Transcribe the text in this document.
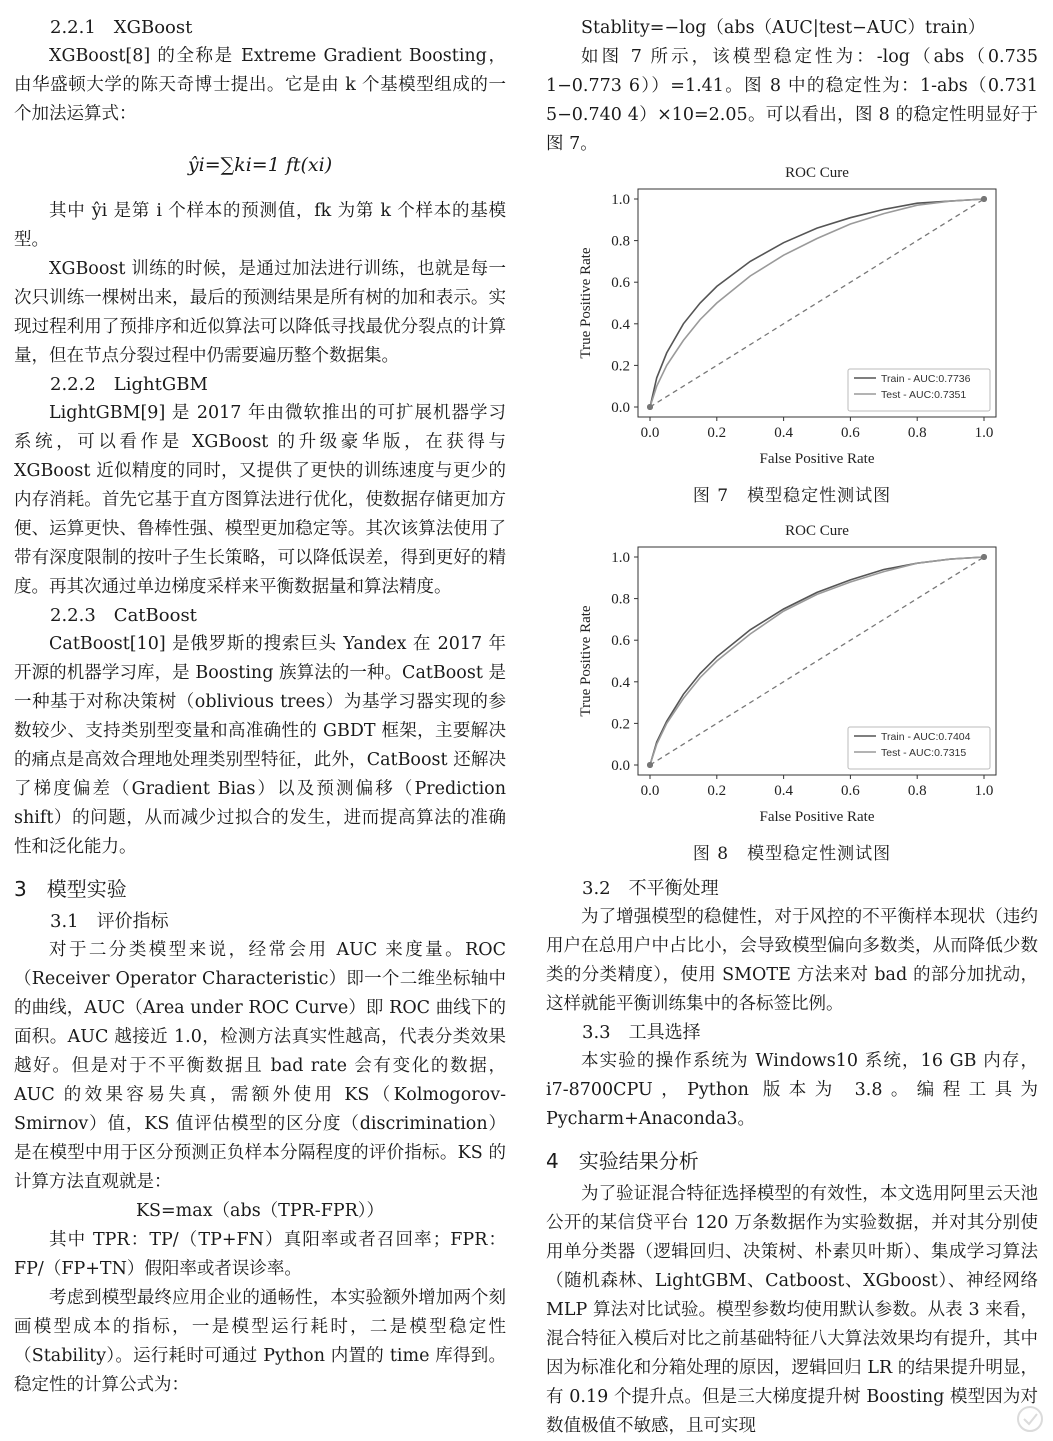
2.2.1　XGBoost

XGBoost[8] 的全称是 Extreme Gradient Boosting，由华盛顿大学的陈天奇博士提出。它是由 k 个基模型组成的一个加法运算式：

ŷi=∑ki=1 ft(xi)

其中 ŷi 是第 i 个样本的预测值，fk 为第 k 个样本的基模型。

XGBoost 训练的时候，是通过加法进行训练，也就是每一次只训练一棵树出来，最后的预测结果是所有树的加和表示。实现过程利用了预排序和近似算法可以降低寻找最优分裂点的计算量，但在节点分裂过程中仍需要遍历整个数据集。

2.2.2　LightGBM

LightGBM[9] 是 2017 年由微软推出的可扩展机器学习系统，可以看作是 XGBoost 的升级豪华版，在获得与 XGBoost 近似精度的同时，又提供了更快的训练速度与更少的内存消耗。首先它基于直方图算法进行优化，使数据存储更加方便、运算更快、鲁棒性强、模型更加稳定等。其次该算法使用了带有深度限制的按叶子生长策略，可以降低误差，得到更好的精度。再其次通过单边梯度采样来平衡数据量和算法精度。

2.2.3　CatBoost

CatBoost[10] 是俄罗斯的搜索巨头 Yandex 在 2017 年开源的机器学习库，是 Boosting 族算法的一种。CatBoost 是一种基于对称决策树（oblivious trees）为基学习器实现的参数较少、支持类别型变量和高准确性的 GBDT 框架，主要解决的痛点是高效合理地处理类别型特征，此外，CatBoost 还解决了梯度偏差（Gradient Bias）以及预测偏移（Prediction shift）的问题，从而减少过拟合的发生，进而提高算法的准确性和泛化能力。

3　模型实验

3.1　评价指标

对于二分类模型来说，经常会用 AUC 来度量。ROC（Receiver Operator Characteristic）即一个二维坐标轴中的曲线，AUC（Area under ROC Curve）即 ROC 曲线下的面积。AUC 越接近 1.0，检测方法真实性越高，代表分类效果越好。但是对于不平衡数据且 bad rate 会有变化的数据，AUC 的效果容易失真，需额外使用 KS（Kolmogorov-Smirnov）值，KS 值评估模型的区分度（discrimination）是在模型中用于区分预测正负样本分隔程度的评价指标。KS 的计算方法直观就是：

KS=max（abs（TPR-FPR））

其中 TPR：TP/（TP+FN）真阳率或者召回率；FPR：FP/（FP+TN）假阳率或者误诊率。

考虑到模型最终应用企业的通畅性，本实验额外增加两个刻画模型成本的指标，一是模型运行耗时，二是模型稳定性（Stability）。运行耗时可通过 Python 内置的 time 库得到。稳定性的计算公式为：

Stablity=−log（abs（AUC|test−AUC）train）

如图 7 所示，该模型稳定性为：-log（abs（0.735 1−0.773 6））=1.41。图 8 中的稳定性为：1-abs（0.731 5−0.740 4）×10=2.05。可以看出，图 8 的稳定性明显好于图 7。

ROC Cure
0.0
0.0
0.2
0.2
0.4
0.4
0.6
0.6
0.8
0.8
1.0
1.0
False Positive Rate
True Positive Rate
Train - AUC:0.7736
Test - AUC:0.7351

图 7　模型稳定性测试图

ROC Cure
0.0
0.0
0.2
0.2
0.4
0.4
0.6
0.6
0.8
0.8
1.0
1.0
False Positive Rate
True Positive Rate
Train - AUC:0.7404
Test - AUC:0.7315

图 8　模型稳定性测试图

3.2　不平衡处理

为了增强模型的稳健性，对于风控的不平衡样本现状（违约用户在总用户中占比小，会导致模型偏向多数类，从而降低少数类的分类精度），使用 SMOTE 方法来对 bad 的部分加扰动，这样就能平衡训练集中的各标签比例。

3.3　工具选择

本实验的操作系统为 Windows10 系统，16 GB 内存，i7-8700CPU，Python 版本为 3.8。编程工具为 Pycharm+Anaconda3。

4　实验结果分析

为了验证混合特征选择模型的有效性，本文选用阿里云天池公开的某信贷平台 120 万条数据作为实验数据，并对其分别使用单分类器（逻辑回归、决策树、朴素贝叶斯）、集成学习算法（随机森林、LightGBM、Catboost、XGboost）、神经网络 MLP 算法对比试验。模型参数均使用默认参数。从表 3 来看，混合特征入模后对比之前基础特征八大算法效果均有提升，其中因为标准化和分箱处理的原因，逻辑回归 LR 的结果提升明显，有 0.19 个提升点。但是三大梯度提升树 Boosting 模型因为对数值极值不敏感，且可实现
